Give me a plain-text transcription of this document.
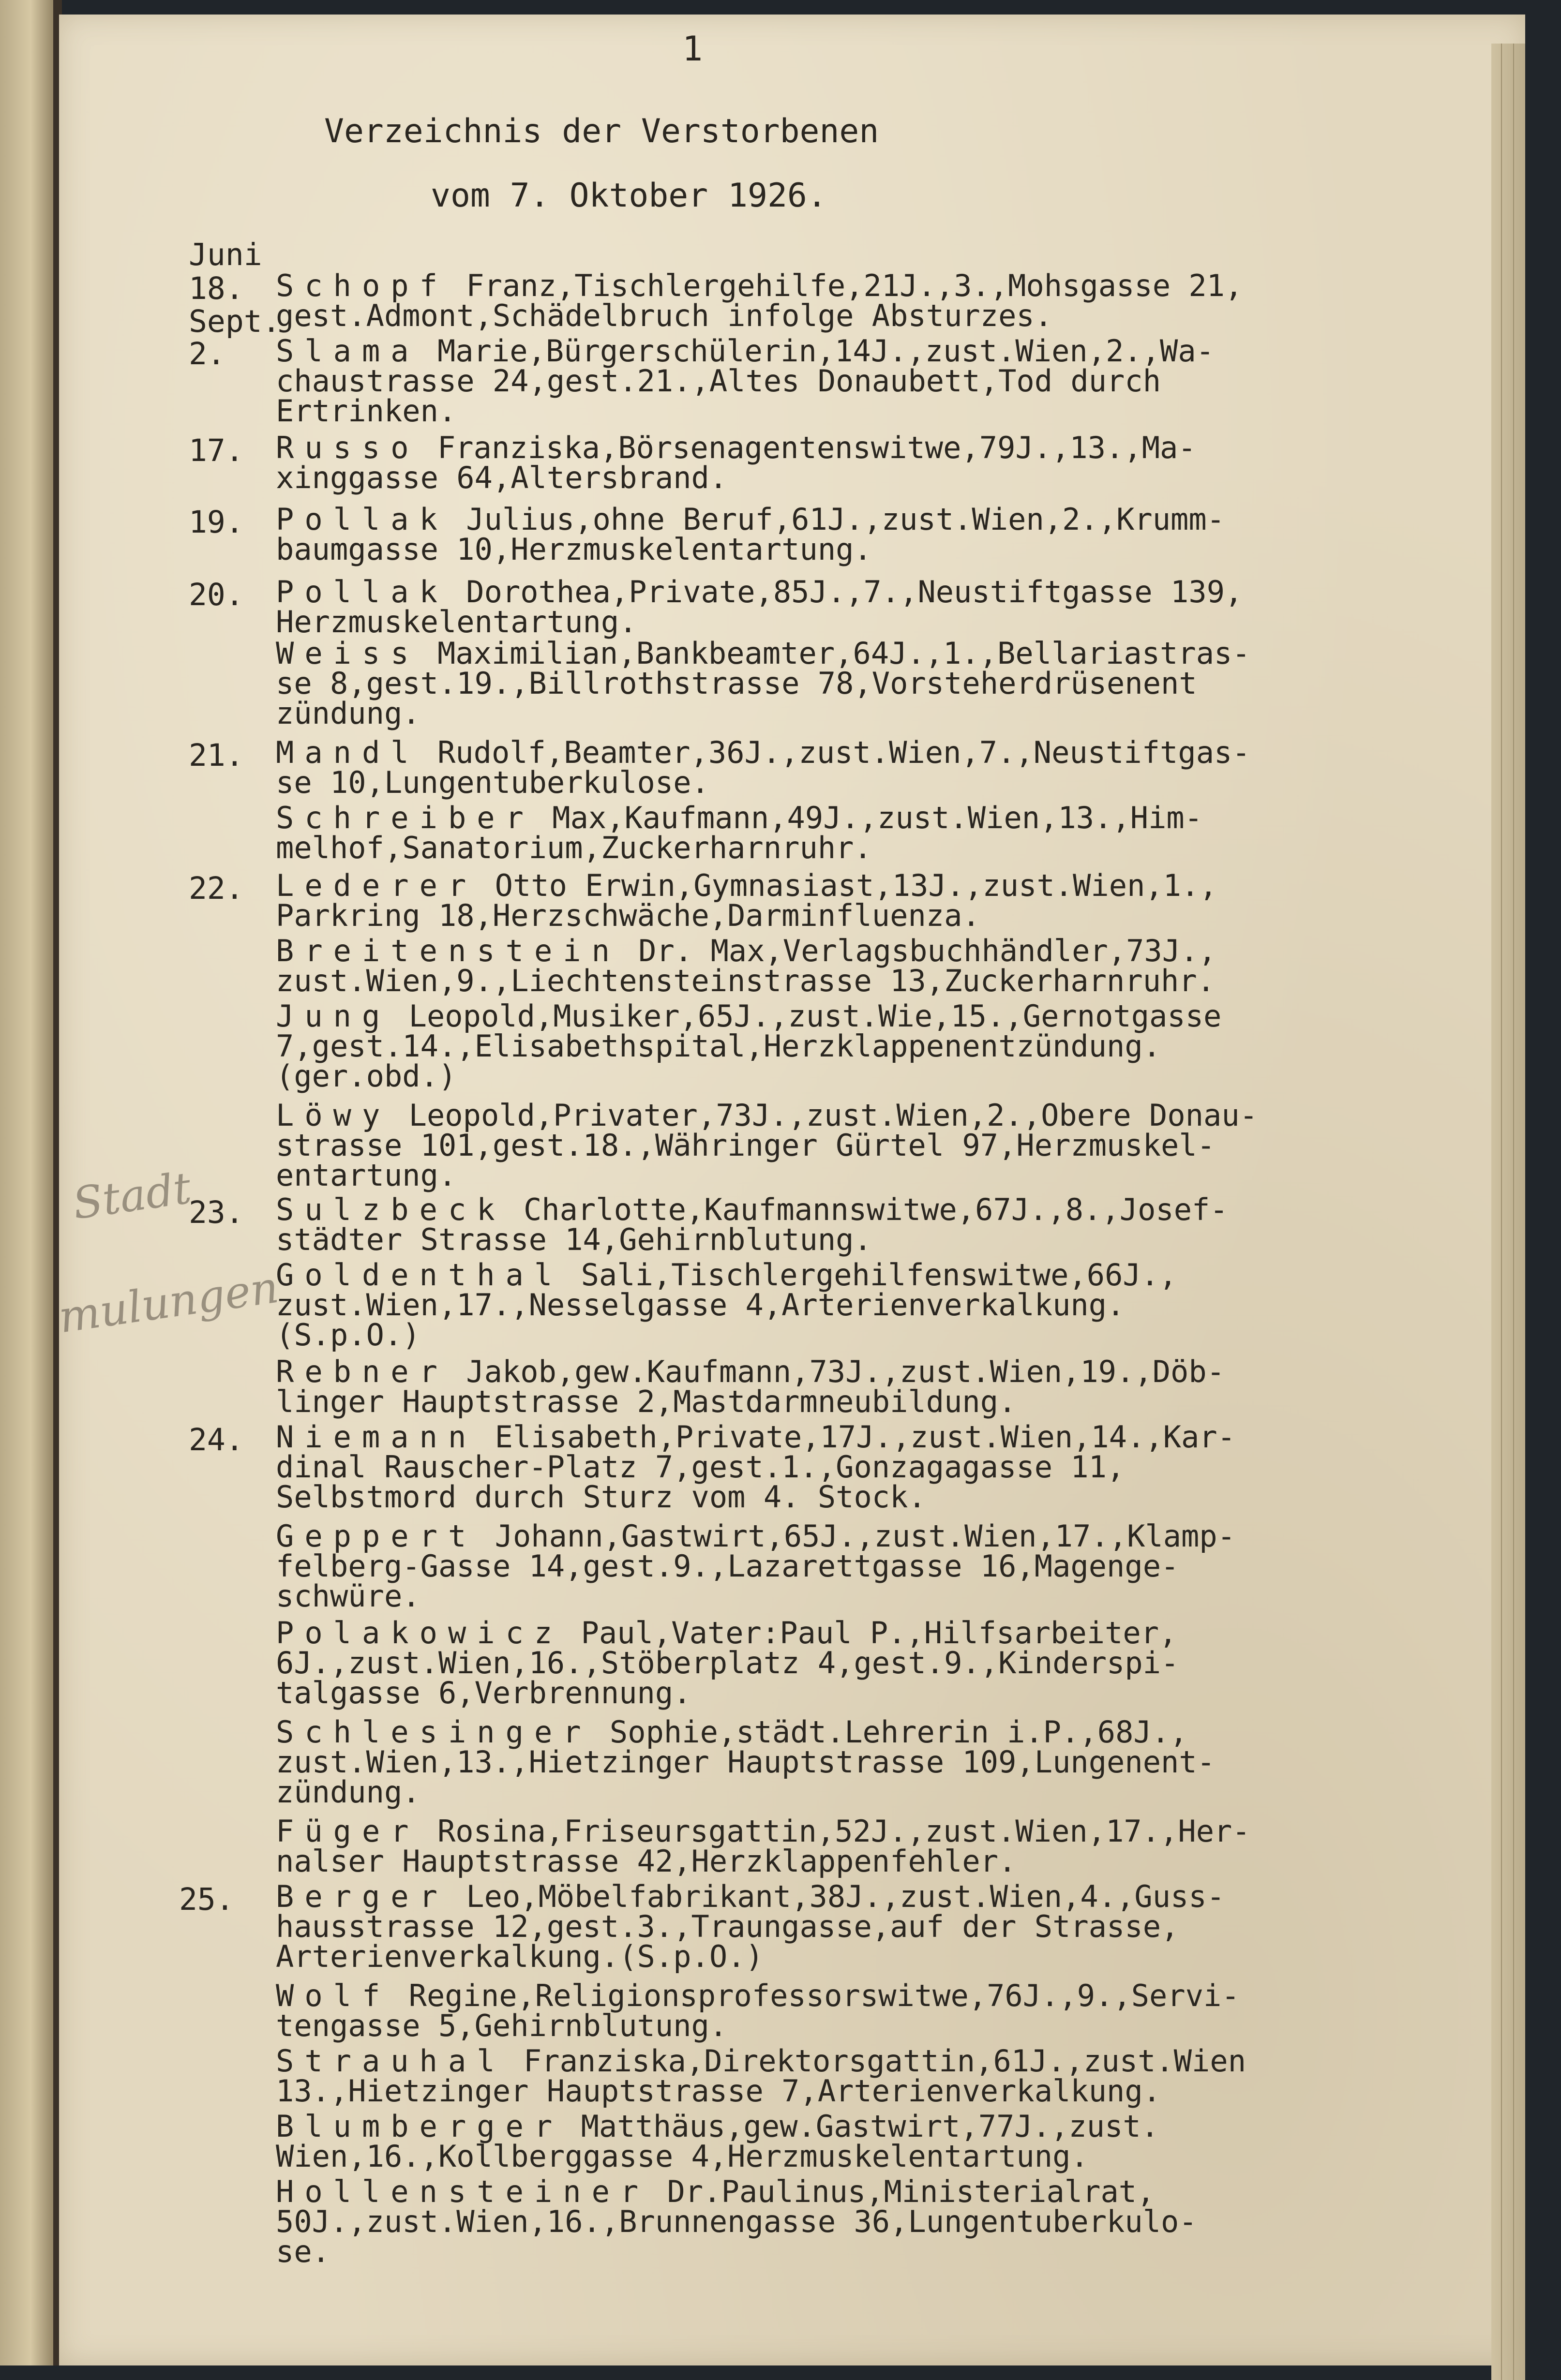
1
Verzeichnis der Verstorbenen
vom 7. Oktober 1926.
Stadt
mulungen
Juni
18. Schopf Franz,Tischlergehilfe,21J.,3.,Mohsgasse 21,
gest.Admont,Schädelbruch infolge Absturzes.
Sept.
2. Slama Marie,Bürgerschülerin,14J.,zust.Wien,2.,Wa-
chaustrasse 24,gest.21.,Altes Donaubett,Tod durch
Ertrinken.
17. Russo Franziska,Börsenagentenswitwe,79J.,13.,Ma-
xinggasse 64,Altersbrand.
19. Pollak Julius,ohne Beruf,61J.,zust.Wien,2.,Krumm-
baumgasse 10,Herzmuskelentartung.
20. Pollak Dorothea,Private,85J.,7.,Neustiftgasse 139,
Herzmuskelentartung.
Weiss Maximilian,Bankbeamter,64J.,1.,Bellariastras-
se 8,gest.19.,Billrothstrasse 78,Vorsteherdrüsenent
zündung.
21. Mandl Rudolf,Beamter,36J.,zust.Wien,7.,Neustiftgas-
se 10,Lungentuberkulose.
Schreiber Max,Kaufmann,49J.,zust.Wien,13.,Him-
melhof,Sanatorium,Zuckerharnruhr.
22. Lederer Otto Erwin,Gymnasiast,13J.,zust.Wien,1.,
Parkring 18,Herzschwäche,Darminfluenza.
Breitenstein Dr. Max,Verlagsbuchhändler,73J.,
zust.Wien,9.,Liechtensteinstrasse 13,Zuckerharnruhr.
Jung Leopold,Musiker,65J.,zust.Wie,15.,Gernotgasse
7,gest.14.,Elisabethspital,Herzklappenentzündung.
(ger.obd.)
Löwy Leopold,Privater,73J.,zust.Wien,2.,Obere Donau-
strasse 101,gest.18.,Währinger Gürtel 97,Herzmuskel-
entartung.
23. Sulzbeck Charlotte,Kaufmannswitwe,67J.,8.,Josef-
städter Strasse 14,Gehirnblutung.
Goldenthal Sali,Tischlergehilfenswitwe,66J.,
zust.Wien,17.,Nesselgasse 4,Arterienverkalkung.
(S.p.O.)
Rebner Jakob,gew.Kaufmann,73J.,zust.Wien,19.,Döb-
linger Hauptstrasse 2,Mastdarmneubildung.
24. Niemann Elisabeth,Private,17J.,zust.Wien,14.,Kar-
dinal Rauscher-Platz 7,gest.1.,Gonzagagasse 11,
Selbstmord durch Sturz vom 4. Stock.
Geppert Johann,Gastwirt,65J.,zust.Wien,17.,Klamp-
felberg-Gasse 14,gest.9.,Lazarettgasse 16,Magenge-
schwüre.
Polakowicz Paul,Vater:Paul P.,Hilfsarbeiter,
6J.,zust.Wien,16.,Stöberplatz 4,gest.9.,Kinderspi-
talgasse 6,Verbrennung.
Schlesinger Sophie,städt.Lehrerin i.P.,68J.,
zust.Wien,13.,Hietzinger Hauptstrasse 109,Lungenent-
zündung.
Füger Rosina,Friseursgattin,52J.,zust.Wien,17.,Her-
nalser Hauptstrasse 42,Herzklappenfehler.
25. Berger Leo,Möbelfabrikant,38J.,zust.Wien,4.,Guss-
hausstrasse 12,gest.3.,Traungasse,auf der Strasse,
Arterienverkalkung.(S.p.O.)
Wolf Regine,Religionsprofessorswitwe,76J.,9.,Servi-
tengasse 5,Gehirnblutung.
Strauhal Franziska,Direktorsgattin,61J.,zust.Wien
13.,Hietzinger Hauptstrasse 7,Arterienverkalkung.
Blumberger Matthäus,gew.Gastwirt,77J.,zust.
Wien,16.,Kollberggasse 4,Herzmuskelentartung.
Hollensteiner Dr.Paulinus,Ministerialrat,
50J.,zust.Wien,16.,Brunnengasse 36,Lungentuberkulo-
se.
